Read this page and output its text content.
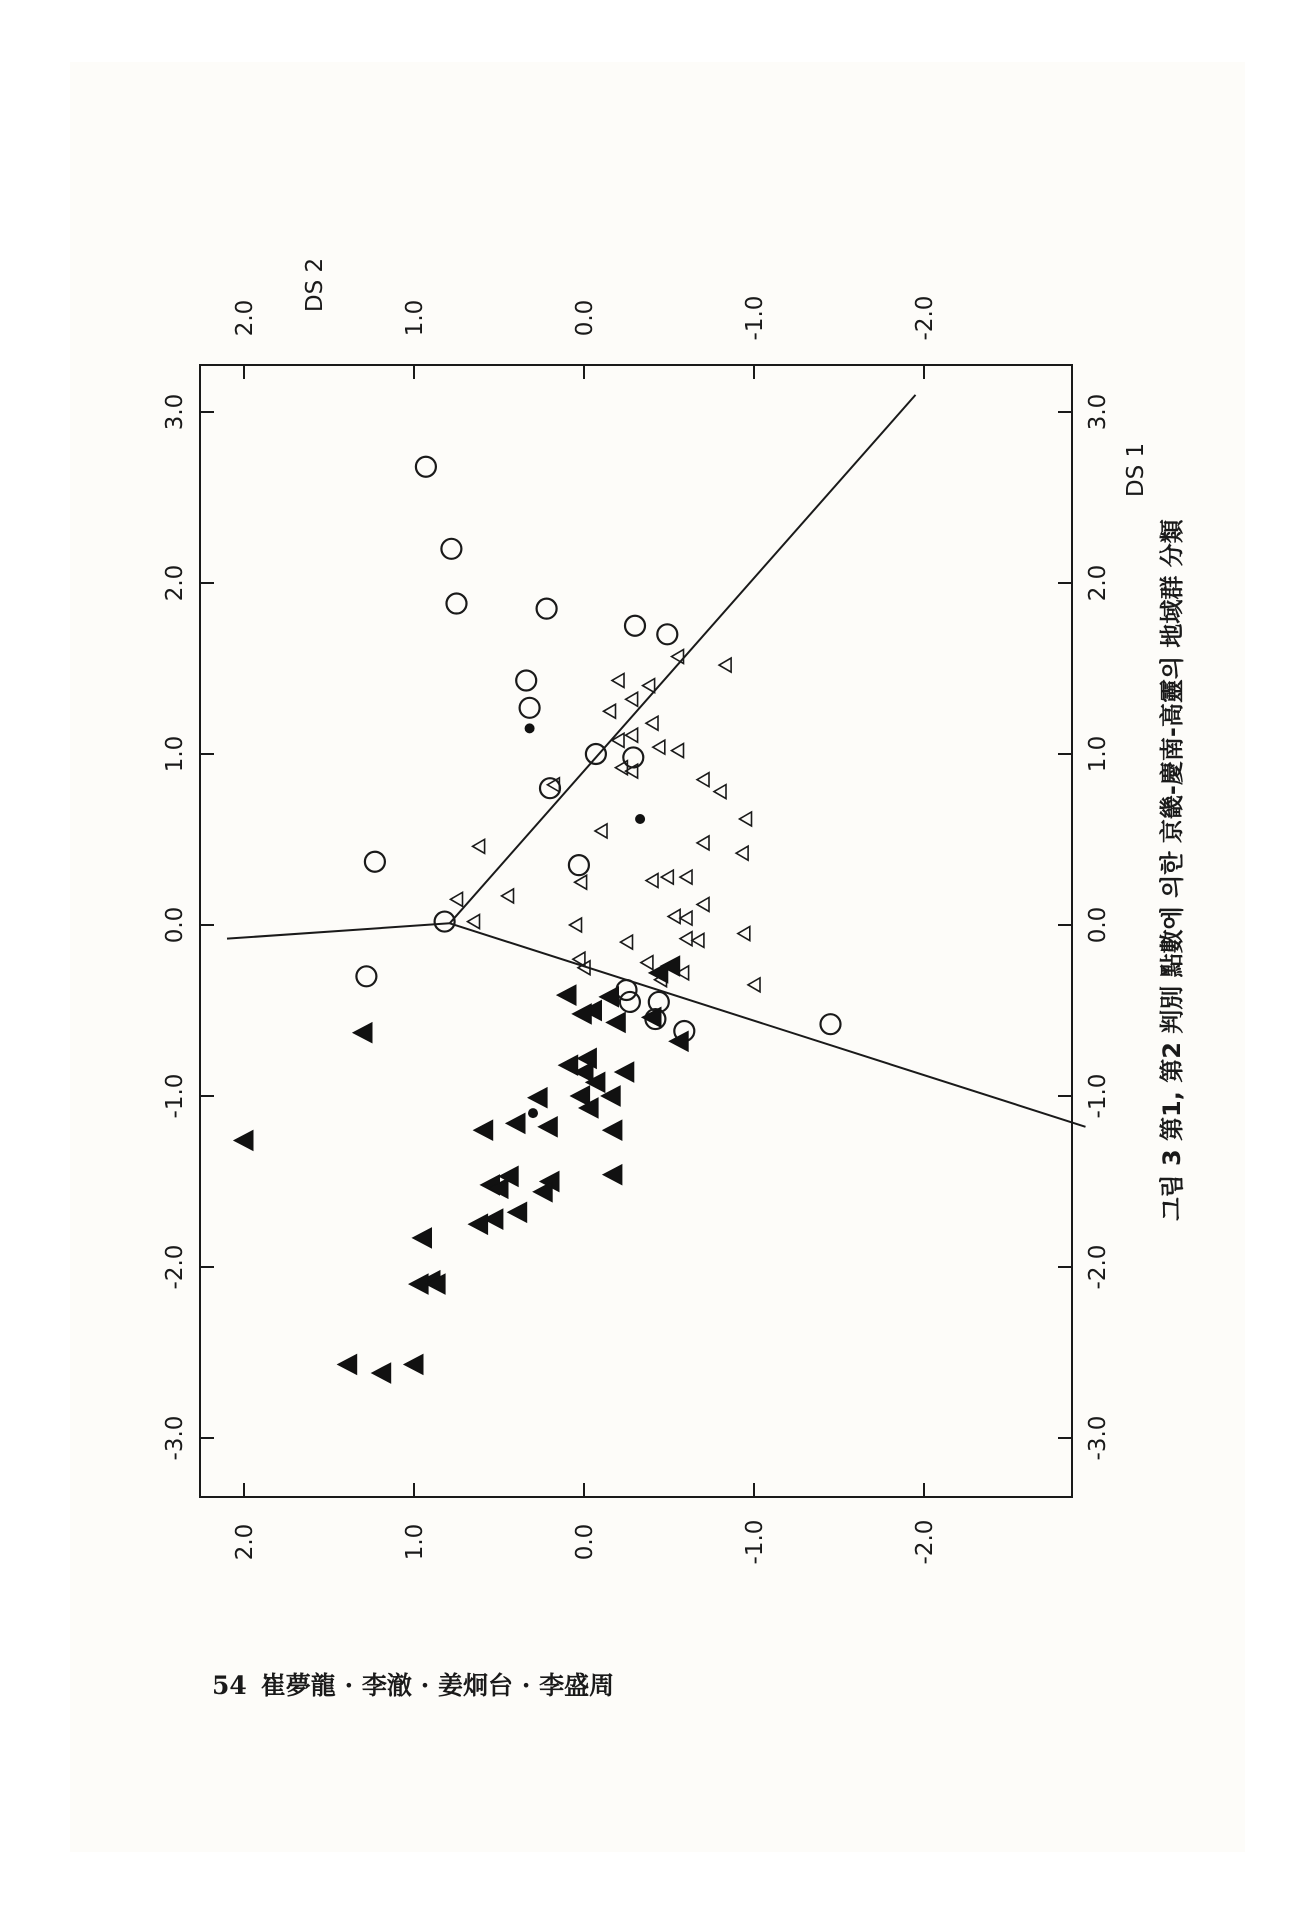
-3.0	-3.0
-2.0	-2.0
-1.0	-1.0
0.0	0.0
1.0	1.0
2.0	2.0
3.0	3.0
2.0
2.0
1.0
1.0
0.0
0.0
-1.0
-1.0
-2.0
-2.0
DS 1
DS 2
그림 3 第1, 第2 判別 點數에 의한 京畿-慶南-高靈의 地域群 分類
54 崔夢龍 · 李澈 · 姜炯台 · 李盛周
